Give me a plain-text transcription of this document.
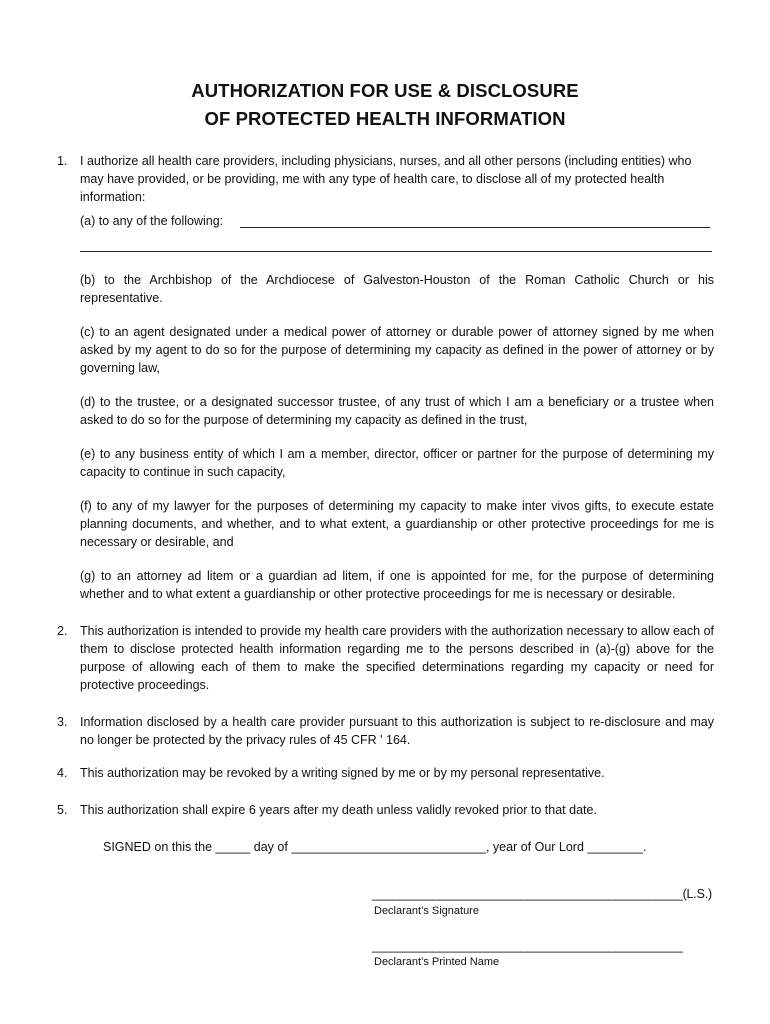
AUTHORIZATION FOR USE & DISCLOSURE
OF PROTECTED HEALTH INFORMATION
1. I authorize all health care providers, including physicians, nurses, and all other persons (including entities) who may have provided, or be providing, me with any type of health care, to disclose all of my protected health information:
(a) to any of the following:
(b) to the Archbishop of the Archdiocese of Galveston-Houston of the Roman Catholic Church or his representative.
(c) to an agent designated under a medical power of attorney or durable power of attorney signed by me when asked by my agent to do so for the purpose of determining my capacity as defined in the power of attorney or by governing law,
(d) to the trustee, or a designated successor trustee, of any trust of which I am a beneficiary or a trustee when asked to do so for the purpose of determining my capacity as defined in the trust,
(e) to any business entity of which I am a member, director, officer or partner for the purpose of determining my capacity to continue in such capacity,
(f) to any of my lawyer for the purposes of determining my capacity to make inter vivos gifts, to execute estate planning documents, and whether, and to what extent, a guardianship or other protective proceedings for me is necessary or desirable, and
(g) to an attorney ad litem or a guardian ad litem, if one is appointed for me, for the purpose of determining whether and to what extent a guardianship or other protective proceedings for me is necessary or desirable.
2. This authorization is intended to provide my health care providers with the authorization necessary to allow each of them to disclose protected health information regarding me to the persons described in (a)-(g) above for the purpose of allowing each of them to make the specified determinations regarding my capacity or need for protective proceedings.
3. Information disclosed by a health care provider pursuant to this authorization is subject to re-disclosure and may no longer be protected by the privacy rules of 45 CFR ' 164.
4. This authorization may be revoked by a writing signed by me or by my personal representative.
5. This authorization shall expire 6 years after my death unless validly revoked prior to that date.
SIGNED on this the _____ day of ____________________________, year of Our Lord ________.
______________________________________________(L.S.)
Declarant’s Signature
______________________________________________
Declarant’s Printed Name
